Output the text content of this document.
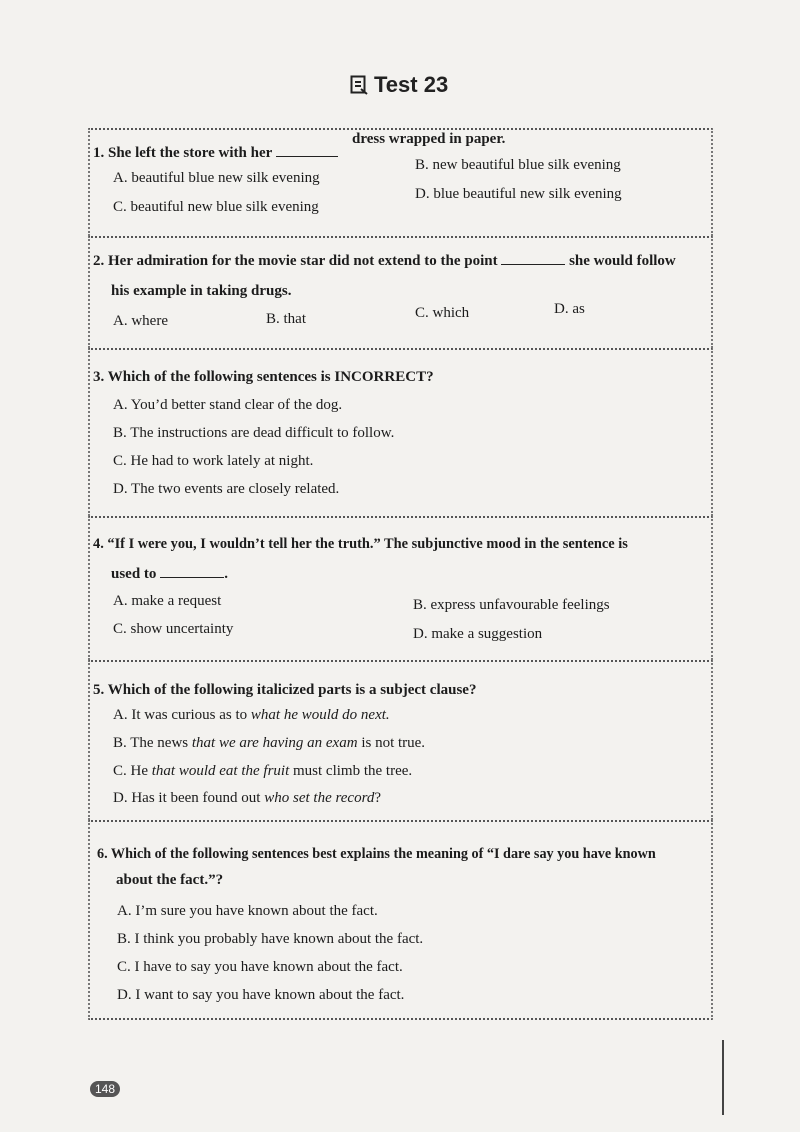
Test 23
1. She left the store with her
dress wrapped in paper.
A. beautiful blue new silk evening
B. new beautiful blue silk evening
C. beautiful new blue silk evening
D. blue beautiful new silk evening
2. Her admiration for the movie star did not extend to the point	she would follow
his example in taking drugs.
A. where	B. that	C. which	D. as
3. Which of the following sentences is INCORRECT?
A. You’d better stand clear of the dog.
B. The instructions are dead difficult to follow.
C. He had to work lately at night.
D. The two events are closely related.
4. “If I were you, I wouldn’t tell her the truth.” The subjunctive mood in the sentence is
used to	.
A. make a request	B. express unfavourable feelings
C. show uncertainty	D. make a suggestion
5. Which of the following italicized parts is a subject clause?
A. It was curious as to what he would do next.
B. The news that we are having an exam is not true.
C. He that would eat the fruit must climb the tree.
D. Has it been found out who set the record?
6. Which of the following sentences best explains the meaning of “I dare say you have known
about the fact.”?
A. I’m sure you have known about the fact.
B. I think you probably have known about the fact.
C. I have to say you have known about the fact.
D. I want to say you have known about the fact.
148
